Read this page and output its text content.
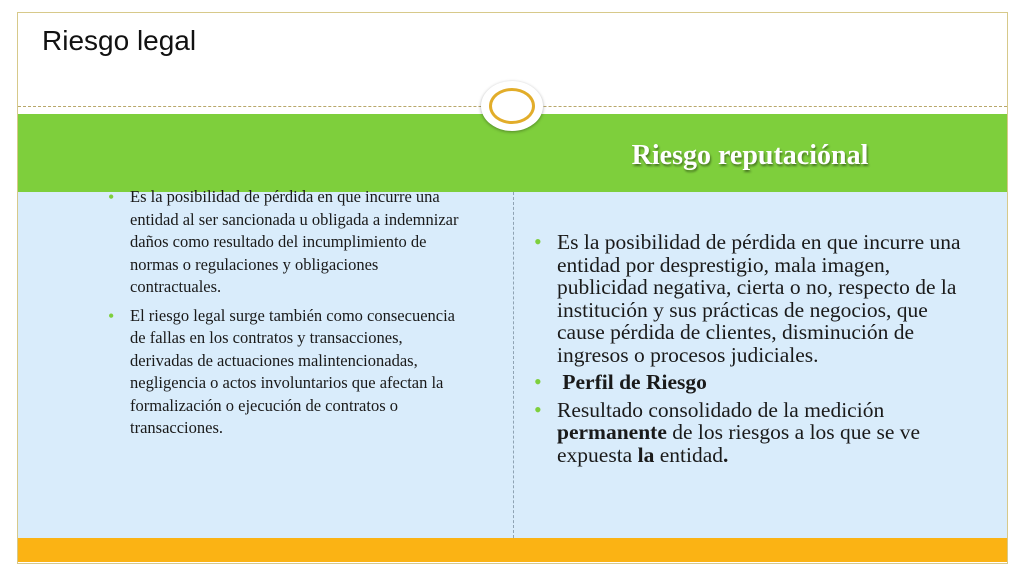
Riesgo legal
Riesgo reputaciónal
• Es la posibilidad de pérdida en que incurre una entidad al ser sancionada u obligada a indemnizar daños como resultado del incumplimiento de normas o regulaciones y obligaciones contractuales.
• El riesgo legal surge también como consecuencia de fallas en los contratos y transacciones, derivadas de actuaciones malintencionadas, negligencia o actos involuntarios que afectan la formalización o ejecución de contratos o transacciones.
• Es la posibilidad de pérdida en que incurre una entidad por desprestigio, mala imagen, publicidad negativa, cierta o no, respecto de la institución y sus prácticas de negocios, que cause pérdida de clientes, disminución de ingresos o procesos judiciales.
• Perfil de Riesgo
• Resultado consolidado de la medición permanente de los riesgos a los que se ve expuesta la entidad.
